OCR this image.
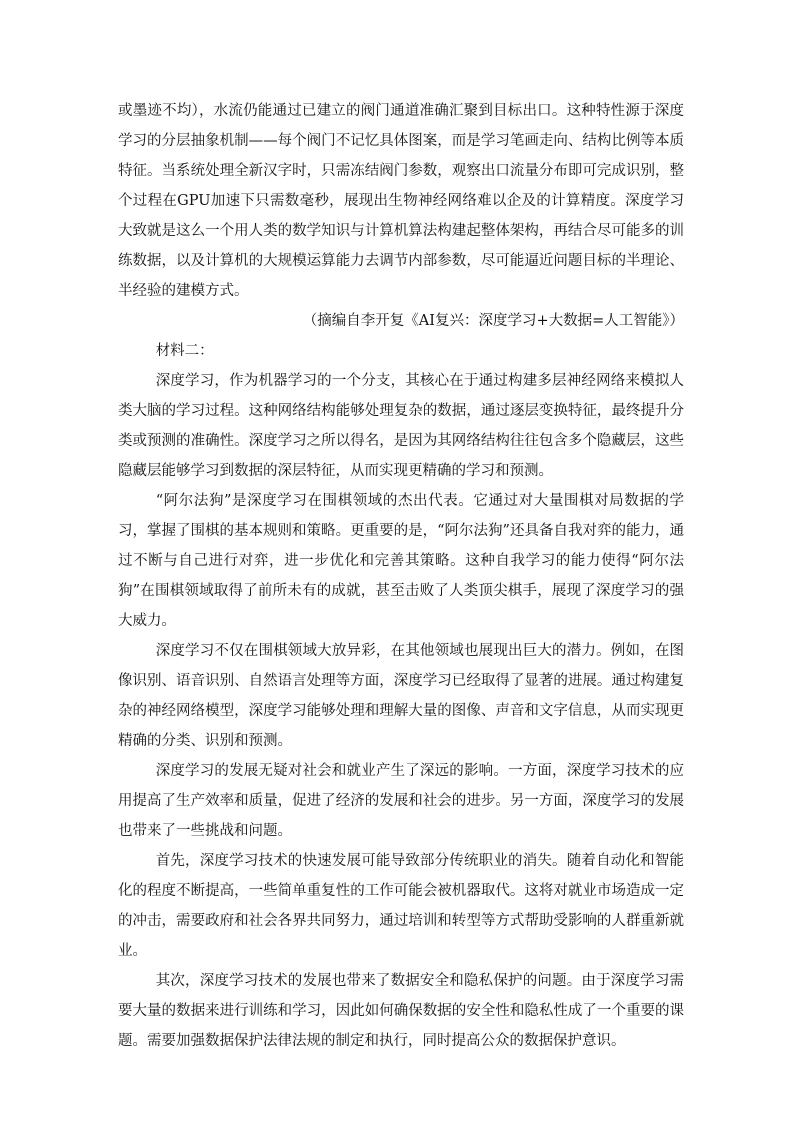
或墨迹不均），水流仍能通过已建立的阀门通道准确汇聚到目标出口。这种特性源于深度学习的分层抽象机制——每个阀门不记忆具体图案，而是学习笔画走向、结构比例等本质特征。当系统处理全新汉字时，只需冻结阀门参数，观察出口流量分布即可完成识别，整个过程在GPU加速下只需数毫秒，展现出生物神经网络难以企及的计算精度。深度学习大致就是这么一个用人类的数学知识与计算机算法构建起整体架构，再结合尽可能多的训练数据，以及计算机的大规模运算能力去调节内部参数，尽可能逼近问题目标的半理论、半经验的建模方式。

（摘编自李开复《AI复兴：深度学习+大数据=人工智能》）

材料二：

深度学习，作为机器学习的一个分支，其核心在于通过构建多层神经网络来模拟人类大脑的学习过程。这种网络结构能够处理复杂的数据，通过逐层变换特征，最终提升分类或预测的准确性。深度学习之所以得名，是因为其网络结构往往包含多个隐藏层，这些隐藏层能够学习到数据的深层特征，从而实现更精确的学习和预测。

“阿尔法狗”是深度学习在围棋领域的杰出代表。它通过对大量围棋对局数据的学习，掌握了围棋的基本规则和策略。更重要的是，“阿尔法狗”还具备自我对弈的能力，通过不断与自己进行对弈，进一步优化和完善其策略。这种自我学习的能力使得“阿尔法狗”在围棋领域取得了前所未有的成就，甚至击败了人类顶尖棋手，展现了深度学习的强大威力。

深度学习不仅在围棋领域大放异彩，在其他领域也展现出巨大的潜力。例如，在图像识别、语音识别、自然语言处理等方面，深度学习已经取得了显著的进展。通过构建复杂的神经网络模型，深度学习能够处理和理解大量的图像、声音和文字信息，从而实现更精确的分类、识别和预测。

深度学习的发展无疑对社会和就业产生了深远的影响。一方面，深度学习技术的应用提高了生产效率和质量，促进了经济的发展和社会的进步。另一方面，深度学习的发展也带来了一些挑战和问题。

首先，深度学习技术的快速发展可能导致部分传统职业的消失。随着自动化和智能化的程度不断提高，一些简单重复性的工作可能会被机器取代。这将对就业市场造成一定的冲击，需要政府和社会各界共同努力，通过培训和转型等方式帮助受影响的人群重新就业。

其次，深度学习技术的发展也带来了数据安全和隐私保护的问题。由于深度学习需要大量的数据来进行训练和学习，因此如何确保数据的安全性和隐私性成了一个重要的课题。需要加强数据保护法律法规的制定和执行，同时提高公众的数据保护意识。
